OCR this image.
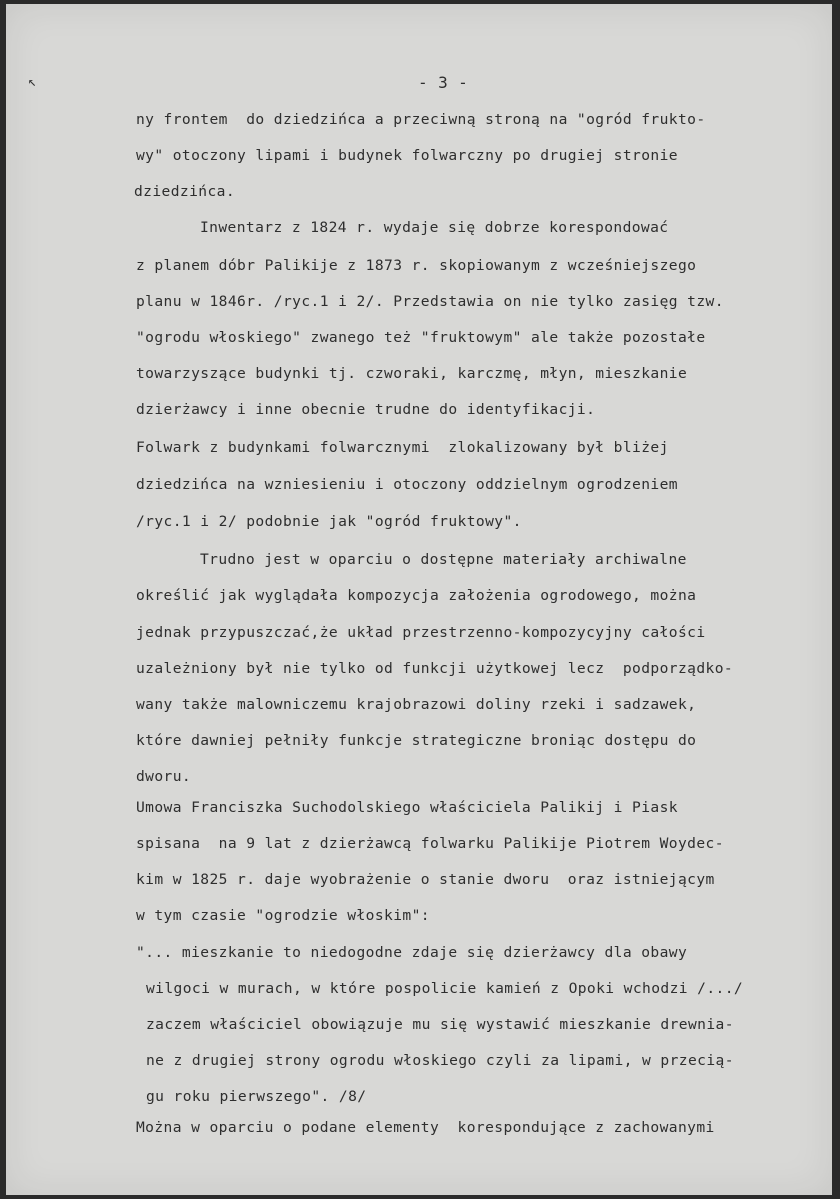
- 3 -
↖
ny frontem  do dziedzińca a przeciwną stroną na "ogród frukto-
wy" otoczony lipami i budynek folwarczny po drugiej stronie
dziedzińca.
Inwentarz z 1824 r. wydaje się dobrze korespondować
z planem dóbr Palikije z 1873 r. skopiowanym z wcześniejszego
planu w 1846r. /ryc.1 i 2/. Przedstawia on nie tylko zasięg tzw.
"ogrodu włoskiego" zwanego też "fruktowym" ale także pozostałe
towarzyszące budynki tj. czworaki, karczmę, młyn, mieszkanie
dzierżawcy i inne obecnie trudne do identyfikacji.
Folwark z budynkami folwarcznymi  zlokalizowany był bliżej
dziedzińca na wzniesieniu i otoczony oddzielnym ogrodzeniem
/ryc.1 i 2/ podobnie jak "ogród fruktowy".
Trudno jest w oparciu o dostępne materiały archiwalne
określić jak wyglądała kompozycja założenia ogrodowego, można
jednak przypuszczać,że układ przestrzenno-kompozycyjny całości
uzależniony był nie tylko od funkcji użytkowej lecz  podporządko-
wany także malowniczemu krajobrazowi doliny rzeki i sadzawek,
które dawniej pełniły funkcje strategiczne broniąc dostępu do
dworu.
Umowa Franciszka Suchodolskiego właściciela Palikij i Piask
spisana  na 9 lat z dzierżawcą folwarku Palikije Piotrem Woydec-
kim w 1825 r. daje wyobrażenie o stanie dworu  oraz istniejącym
w tym czasie "ogrodzie włoskim":
"... mieszkanie to niedogodne zdaje się dzierżawcy dla obawy
wilgoci w murach, w które pospolicie kamień z Opoki wchodzi /.../
zaczem właściciel obowiązuje mu się wystawić mieszkanie drewnia-
ne z drugiej strony ogrodu włoskiego czyli za lipami, w przecią-
gu roku pierwszego". /8/
Można w oparciu o podane elementy  korespondujące z zachowanymi
